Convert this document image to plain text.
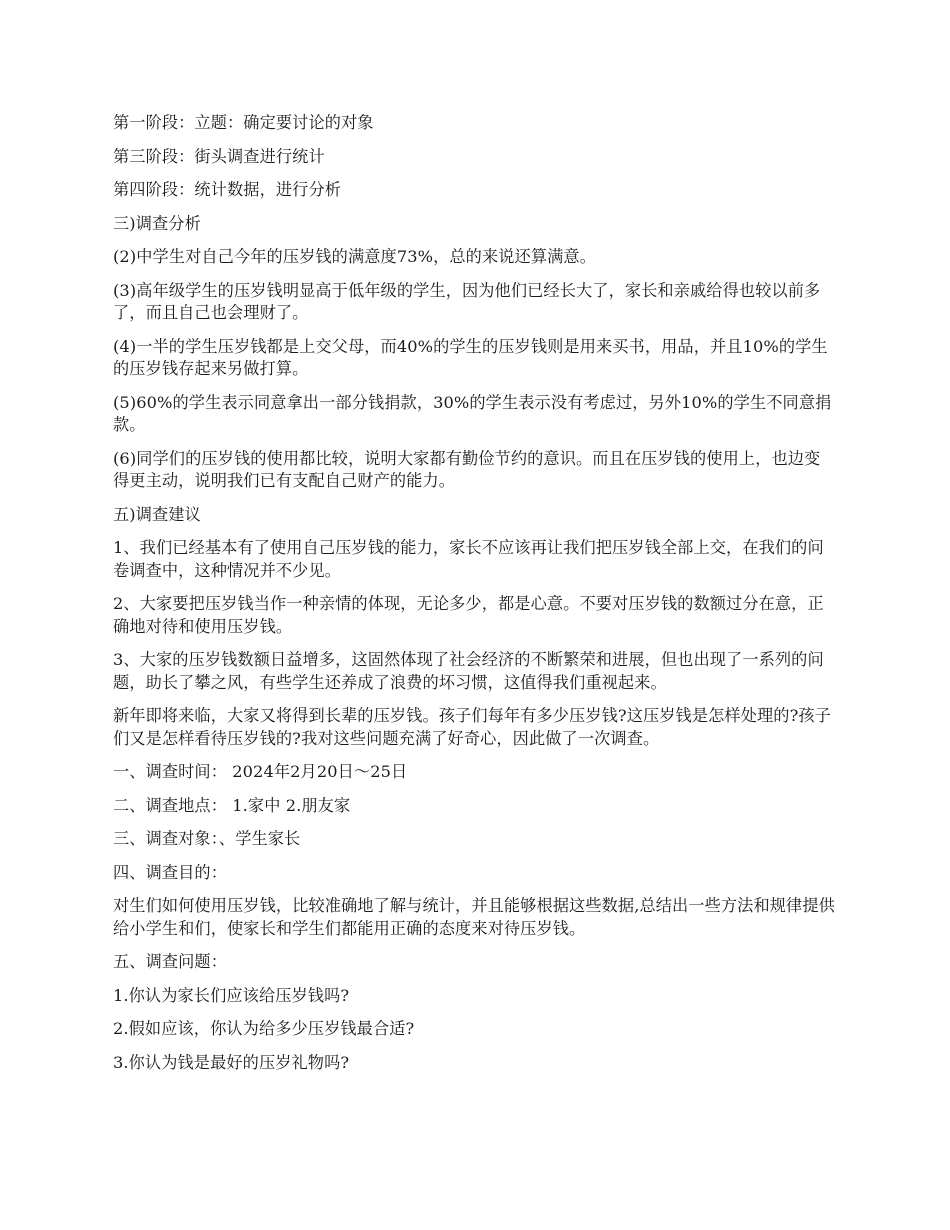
第一阶段：立题：确定要讨论的对象

第三阶段：街头调查进行统计

第四阶段：统计数据，进行分析

三)调查分析

(2)中学生对自己今年的压岁钱的满意度73%，总的来说还算满意。

(3)高年级学生的压岁钱明显高于低年级的学生，因为他们已经长大了，家长和亲戚给得也较以前多了，而且自己也会理财了。

(4)一半的学生压岁钱都是上交父母，而40%的学生的压岁钱则是用来买书，用品，并且10%的学生的压岁钱存起来另做打算。

(5)60%的学生表示同意拿出一部分钱捐款，30%的学生表示没有考虑过，另外10%的学生不同意捐款。

(6)同学们的压岁钱的使用都比较，说明大家都有勤俭节约的意识。而且在压岁钱的使用上，也边变得更主动，说明我们已有支配自己财产的能力。

五)调查建议

1、我们已经基本有了使用自己压岁钱的能力，家长不应该再让我们把压岁钱全部上交，在我们的问卷调查中，这种情况并不少见。

2、大家要把压岁钱当作一种亲情的体现，无论多少，都是心意。不要对压岁钱的数额过分在意，正确地对待和使用压岁钱。

3、大家的压岁钱数额日益增多，这固然体现了社会经济的不断繁荣和进展，但也出现了一系列的问题，助长了攀之风，有些学生还养成了浪费的坏习惯，这值得我们重视起来。

新年即将来临，大家又将得到长辈的压岁钱。孩子们每年有多少压岁钱?这压岁钱是怎样处理的?孩子们又是怎样看待压岁钱的?我对这些问题充满了好奇心，因此做了一次调查。

一、调查时间： 2024年2月20日～25日

二、调查地点： 1.家中 2.朋友家

三、调查对象：、学生家长

四、调查目的：

对生们如何使用压岁钱，比较准确地了解与统计，并且能够根据这些数据,总结出一些方法和规律提供给小学生和们，使家长和学生们都能用正确的态度来对待压岁钱。

五、调查问题：

1.你认为家长们应该给压岁钱吗?

2.假如应该，你认为给多少压岁钱最合适?

3.你认为钱是最好的压岁礼物吗?
